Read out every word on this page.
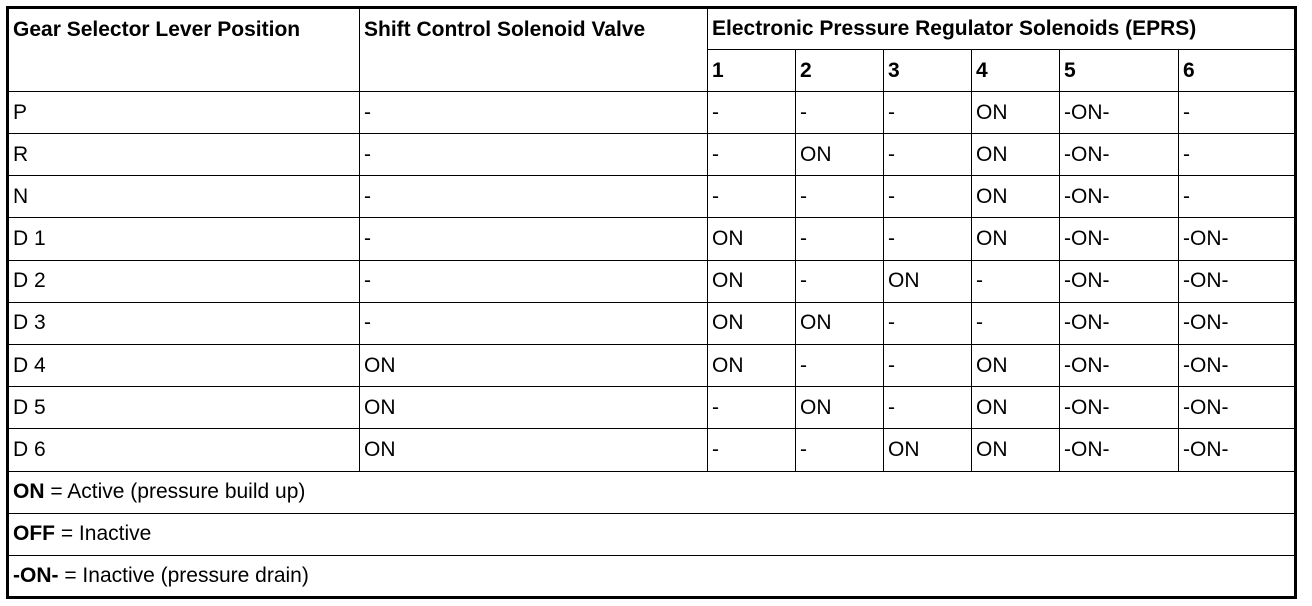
Gear Selector Lever Position	Shift Control Solenoid Valve	Electronic Pressure Regulator Solenoids (EPRS)					
		1	2	3	4	5	6
P	-	-	-	-	ON	-ON-	-
R	-	-	ON	-	ON	-ON-	-
N	-	-	-	-	ON	-ON-	-
D 1	-	ON	-	-	ON	-ON-	-ON-
D 2	-	ON	-	ON	-	-ON-	-ON-
D 3	-	ON	ON	-	-	-ON-	-ON-
D 4	ON	ON	-	-	ON	-ON-	-ON-
D 5	ON	-	ON	-	ON	-ON-	-ON-
D 6	ON	-	-	ON	ON	-ON-	-ON-
ON = Active (pressure build up)							
OFF = Inactive							
-ON- = Inactive (pressure drain)							
